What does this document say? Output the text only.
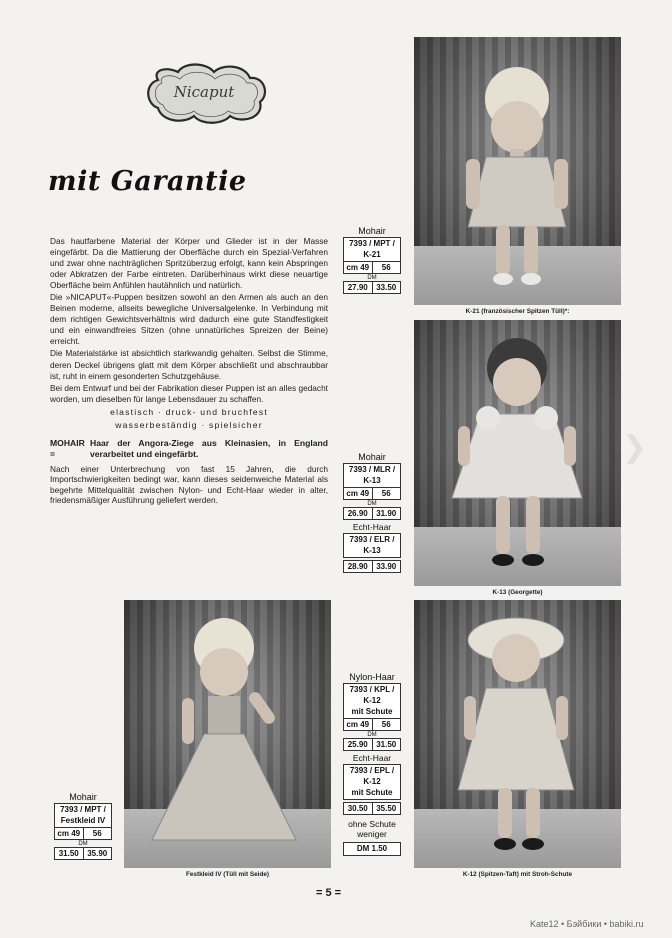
Nicaput
mit Garantie

Das hautfarbene Material der Körper und Glieder ist in der Masse eingefärbt. Da die Mattierung der Oberfläche durch ein Spezial-Verfahren und zwar ohne nachträglichen Spritzüberzug erfolgt, kann kein Abspringen oder Abkratzen der Farbe eintreten. Darüberhinaus wirkt diese neuartige Oberfläche beim Anfühlen hautähnlich und natürlich.

Die »NICAPUT«-Puppen besitzen sowohl an den Armen als auch an den Beinen moderne, allseits bewegliche Universalgelenke. In Verbindung mit dem richtigen Gewichtsverhältnis wird dadurch eine gute Standfestigkeit und ein einwandfreies Sitzen (ohne unnatürliches Spreizen der Beine) erreicht.

Die Materialstärke ist absichtlich starkwandig gehalten. Selbst die Stimme, deren Deckel übrigens glatt mit dem Körper abschließt und abschraubbar ist, ruht in einem gesonderten Schutzgehäuse.

Bei dem Entwurf und bei der Fabrikation dieser Puppen ist an alles gedacht worden, um dieselben für lange Lebensdauer zu schaffen.

elastisch · druck- und bruchfest
wasserbeständig · spielsicher
MOHAIR =
Haar der Angora-Ziege aus Kleinasien, in England verarbeitet und eingefärbt.
Nach einer Unterbrechung von fast 15 Jahren, die durch Importschwierigkeiten bedingt war, kann dieses seidenweiche Material als begehrte Mittelqualität zwischen Nylon- und Echt-Haar wieder in alter, friedensmäßiger Ausführung geliefert werden.
K-21 (französischer Spitzen Tüll)*:
K-13 (Georgette)
Festkleid IV (Tüll mit Seide)	K-12 (Spitzen-Taft) mit Stroh-Schute
Mohair
7393 / MPT /
K-21
cm 49	56
DM
27.90	33.50
Mohair
7393 / MLR /
K-13
cm 49	56
DM
26.90	31.90
Echt-Haar
7393 / ELR /
K-13
28.90	33.90
Nylon-Haar
7393 / KPL /
K-12
mit Schute
cm 49	56
DM
25.90	31.50
Echt-Haar
7393 / EPL /
K-12
mit Schute
30.50	35.50
ohne Schute
weniger
DM 1.50
Mohair
7393 / MPT /
Festkleid IV
cm 49	56
DM
31.50	35.90
= 5 =
Kate12 • Бэйбики • babiki.ru
❯
